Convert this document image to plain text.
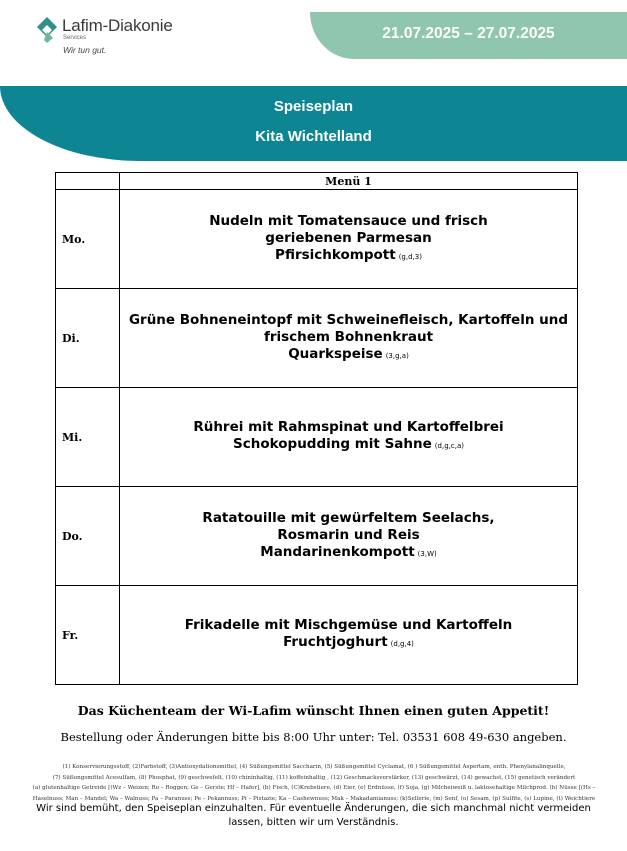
Lafim-Diakonie
Services
Wir tun gut.
21.07.2025 – 27.07.2025
Speiseplan
Kita Wichtelland
	Menü 1
Mo.	Nudeln mit Tomatensauce und frisch
geriebenen Parmesan
Pfirsichkompott (g,d,3)

Di.	Grüne Bohneneintopf mit Schweinefleisch, Kartoffeln und
frischem Bohnenkraut
Quarkspeise (3,g,a)

Mi.	Rührei mit Rahmspinat und Kartoffelbrei
Schokopudding mit Sahne (d,g,c,a)

Do.	Ratatouille mit gewürfeltem Seelachs,
Rosmarin und Reis
Mandarinenkompott (3,W)

Fr.	Frikadelle mit Mischgemüse und Kartoffeln
Fruchtjoghurt (d,g,4)
Das Küchenteam der Wi-Lafim wünscht Ihnen einen guten Appetit!
Bestellung oder Änderungen bitte bis 8:00 Uhr unter: Tel. 03531 608 49-630 angeben.
(1) Konservierungsstoff, (2)Farbstoff, (3)Antioxydationsmittel, (4) Süßungsmittel Saccharin, (5) Süßungsmittel Cyclamat, (6 ) Süßungsmittel Aspertam, enth. Phenylanalinquelle,
(7) Süßungsmittel Acesulfam, (8) Phosphat, (9) geschwefelt, (10) chininhaltig, (11) koffeinhaltig , (12) Geschmacksverstärker, (13) geschwärzt, (14) gewachst, (15) genetisch verändert
(a) glutenhaltige Getreide [(Wz – Weizen; Ro – Roggen; Ge – Gerste; Hf – Hafer], (b) Fisch, (C)Krebstiere, (d) Eier, (e) Erdnüsse, (f) Soja, (g) Milcheiweiß u. laktosehaltige Milchprod. (h) Nüsse [(Hs –
Haselnuss; Man – Mandel; Wa – Walnuss; Pa – Paranuss; Pe – Pekannuss; Pi – Pistazie; Ka – Cashewnuss; Mak – Makadamianuss; (k)Sellerie, (m) Senf, (o) Sesam, (p) Sulfite, (s) Lupine, (t) Weichtiere
Wir sind bemüht, den Speiseplan einzuhalten. Für eventuelle Änderungen, die sich manchmal nicht vermeiden lassen, bitten wir um Verständnis.
